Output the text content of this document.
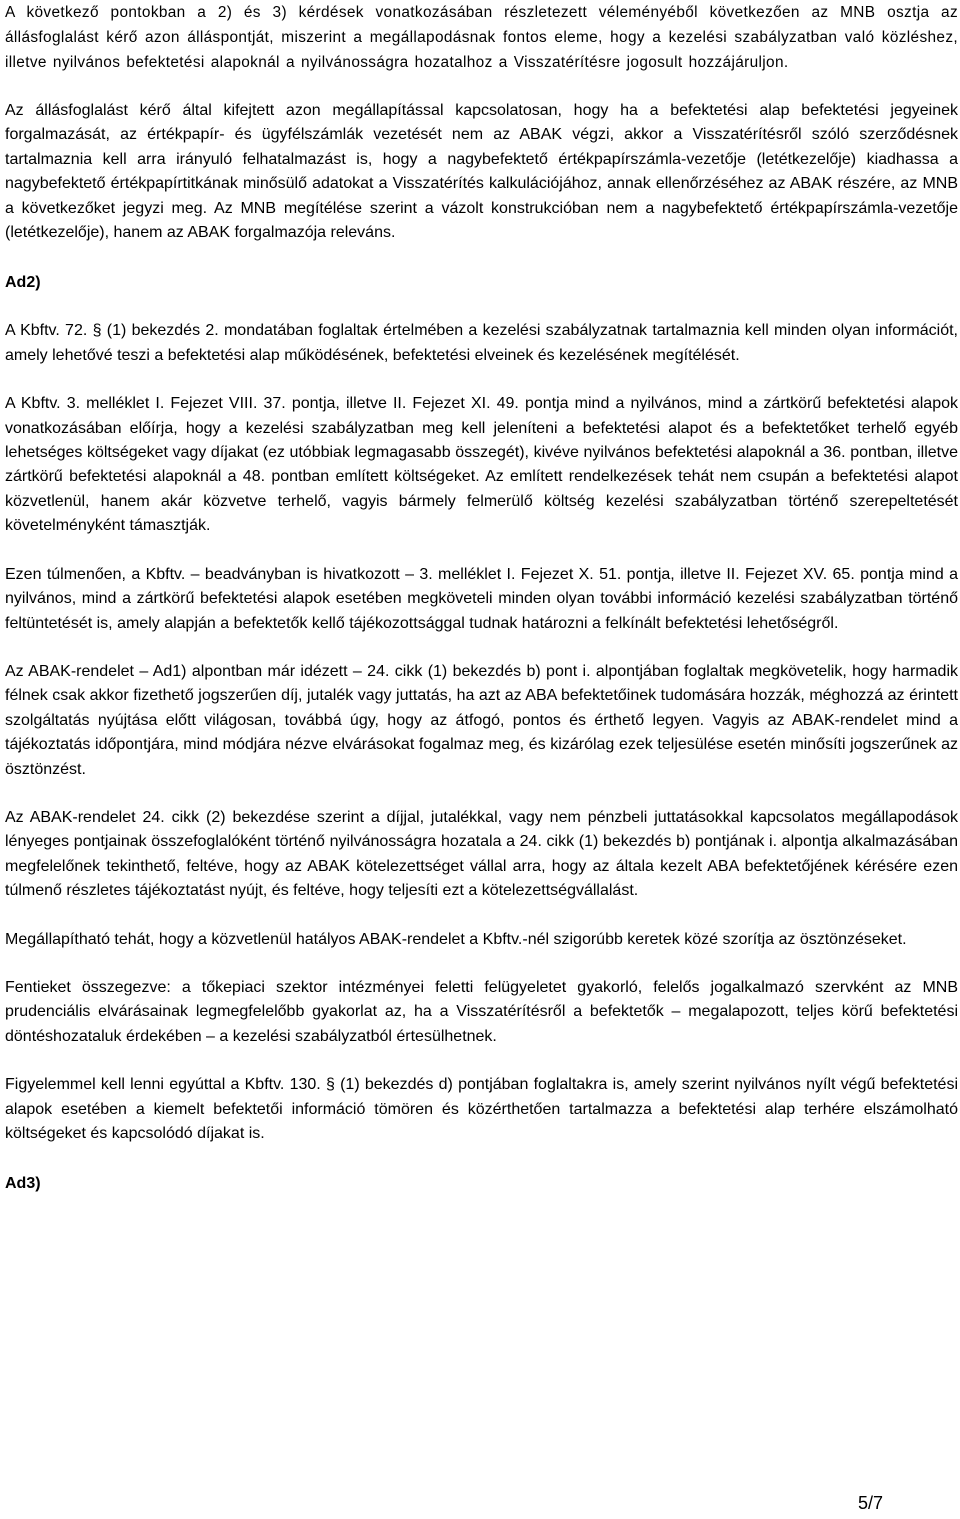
A következő pontokban a 2) és 3) kérdések vonatkozásában részletezett véleményéből következően az MNB osztja az állásfoglalást kérő azon álláspontját, miszerint a megállapodásnak fontos eleme, hogy a kezelési szabályzatban való közléshez, illetve nyilvános befektetési alapoknál a nyilvánosságra hozatalhoz a Visszatérítésre jogosult hozzájáruljon.

Az állásfoglalást kérő által kifejtett azon megállapítással kapcsolatosan, hogy ha a befektetési alap befektetési jegyeinek forgalmazását, az értékpapír- és ügyfélszámlák vezetését nem az ABAK végzi, akkor a Visszatérítésről szóló szerződésnek tartalmaznia kell arra irányuló felhatalmazást is, hogy a nagybefektető értékpapírszámla-vezetője (letétkezelője) kiadhassa a nagybefektető értékpapírtitkának minősülő adatokat a Visszatérítés kalkulációjához, annak ellenőrzéséhez az ABAK részére, az MNB a következőket jegyzi meg. Az MNB megítélése szerint a vázolt konstrukcióban nem a nagybefektető értékpapírszámla-vezetője (letétkezelője), hanem az ABAK forgalmazója releváns.

Ad2)

A Kbftv. 72. § (1) bekezdés 2. mondatában foglaltak értelmében a kezelési szabályzatnak tartalmaznia kell minden olyan információt, amely lehetővé teszi a befektetési alap működésének, befektetési elveinek és kezelésének megítélését.

A Kbftv. 3. melléklet I. Fejezet VIII. 37. pontja, illetve II. Fejezet XI. 49. pontja mind a nyilvános, mind a zártkörű befektetési alapok vonatkozásában előírja, hogy a kezelési szabályzatban meg kell jeleníteni a befektetési alapot és a befektetőket terhelő egyéb lehetséges költségeket vagy díjakat (ez utóbbiak legmagasabb összegét), kivéve nyilvános befektetési alapoknál a 36. pontban, illetve zártkörű befektetési alapoknál a 48. pontban említett költségeket. Az említett rendelkezések tehát nem csupán a befektetési alapot közvetlenül, hanem akár közvetve terhelő, vagyis bármely felmerülő költség kezelési szabályzatban történő szerepeltetését követelményként támasztják.

Ezen túlmenően, a Kbftv. – beadványban is hivatkozott – 3. melléklet I. Fejezet X. 51. pontja, illetve II. Fejezet XV. 65. pontja mind a nyilvános, mind a zártkörű befektetési alapok esetében megköveteli minden olyan további információ kezelési szabályzatban történő feltüntetését is, amely alapján a befektetők kellő tájékozottsággal tudnak határozni a felkínált befektetési lehetőségről.

Az ABAK-rendelet – Ad1) alpontban már idézett – 24. cikk (1) bekezdés b) pont i. alpontjában foglaltak megkövetelik, hogy harmadik félnek csak akkor fizethető jogszerűen díj, jutalék vagy juttatás, ha azt az ABA befektetőinek tudomására hozzák, méghozzá az érintett szolgáltatás nyújtása előtt világosan, továbbá úgy, hogy az átfogó, pontos és érthető legyen. Vagyis az ABAK-rendelet mind a tájékoztatás időpontjára, mind módjára nézve elvárásokat fogalmaz meg, és kizárólag ezek teljesülése esetén minősíti jogszerűnek az ösztönzést.

Az ABAK-rendelet 24. cikk (2) bekezdése szerint a díjjal, jutalékkal, vagy nem pénzbeli juttatásokkal kapcsolatos megállapodások lényeges pontjainak összefoglalóként történő nyilvánosságra hozatala a 24. cikk (1) bekezdés b) pontjának i. alpontja alkalmazásában megfelelőnek tekinthető, feltéve, hogy az ABAK kötelezettséget vállal arra, hogy az általa kezelt ABA befektetőjének kérésére ezen túlmenő részletes tájékoztatást nyújt, és feltéve, hogy teljesíti ezt a kötelezettségvállalást.

Megállapítható tehát, hogy a közvetlenül hatályos ABAK-rendelet a Kbftv.-nél szigorúbb keretek közé szorítja az ösztönzéseket.

Fentieket összegezve: a tőkepiaci szektor intézményei feletti felügyeletet gyakorló, felelős jogalkalmazó szervként az MNB prudenciális elvárásainak legmegfelelőbb gyakorlat az, ha a Visszatérítésről a befektetők – megalapozott, teljes körű befektetési döntéshozataluk érdekében – a kezelési szabályzatból értesülhetnek.

Figyelemmel kell lenni egyúttal a Kbftv. 130. § (1) bekezdés d) pontjában foglaltakra is, amely szerint nyilvános nyílt végű befektetési alapok esetében a kiemelt befektetői információ tömören és közérthetően tartalmazza a befektetési alap terhére elszámolható költségeket és kapcsolódó díjakat is.

Ad3)

5/7
